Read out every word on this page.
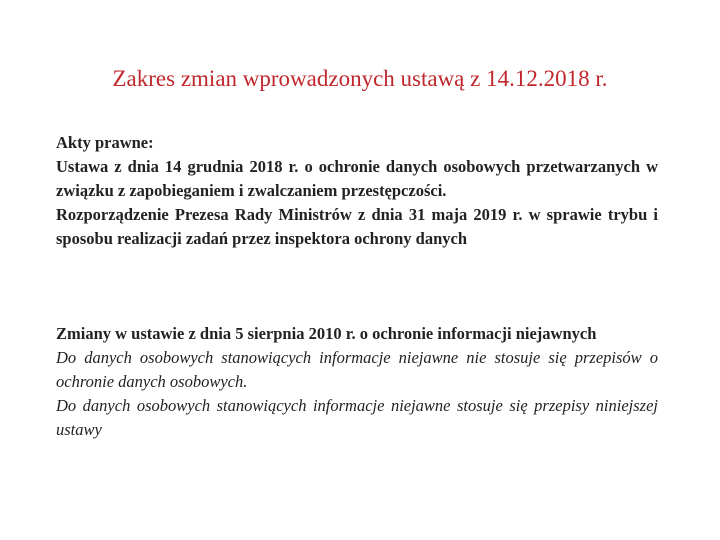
Zakres zmian wprowadzonych ustawą z 14.12.2018 r.

Akty prawne:

Ustawa z dnia 14 grudnia 2018 r. o ochronie danych osobowych przetwarzanych w związku z zapobieganiem i zwalczaniem przestępczości.

Rozporządzenie Prezesa Rady Ministrów z dnia 31 maja 2019 r. w sprawie trybu i sposobu realizacji zadań przez inspektora ochrony danych

Zmiany w ustawie z dnia 5 sierpnia 2010 r. o ochronie informacji niejawnych

Do danych osobowych stanowiących informacje niejawne nie stosuje się przepisów o ochronie danych osobowych.

Do danych osobowych stanowiących informacje niejawne stosuje się przepisy niniejszej ustawy
